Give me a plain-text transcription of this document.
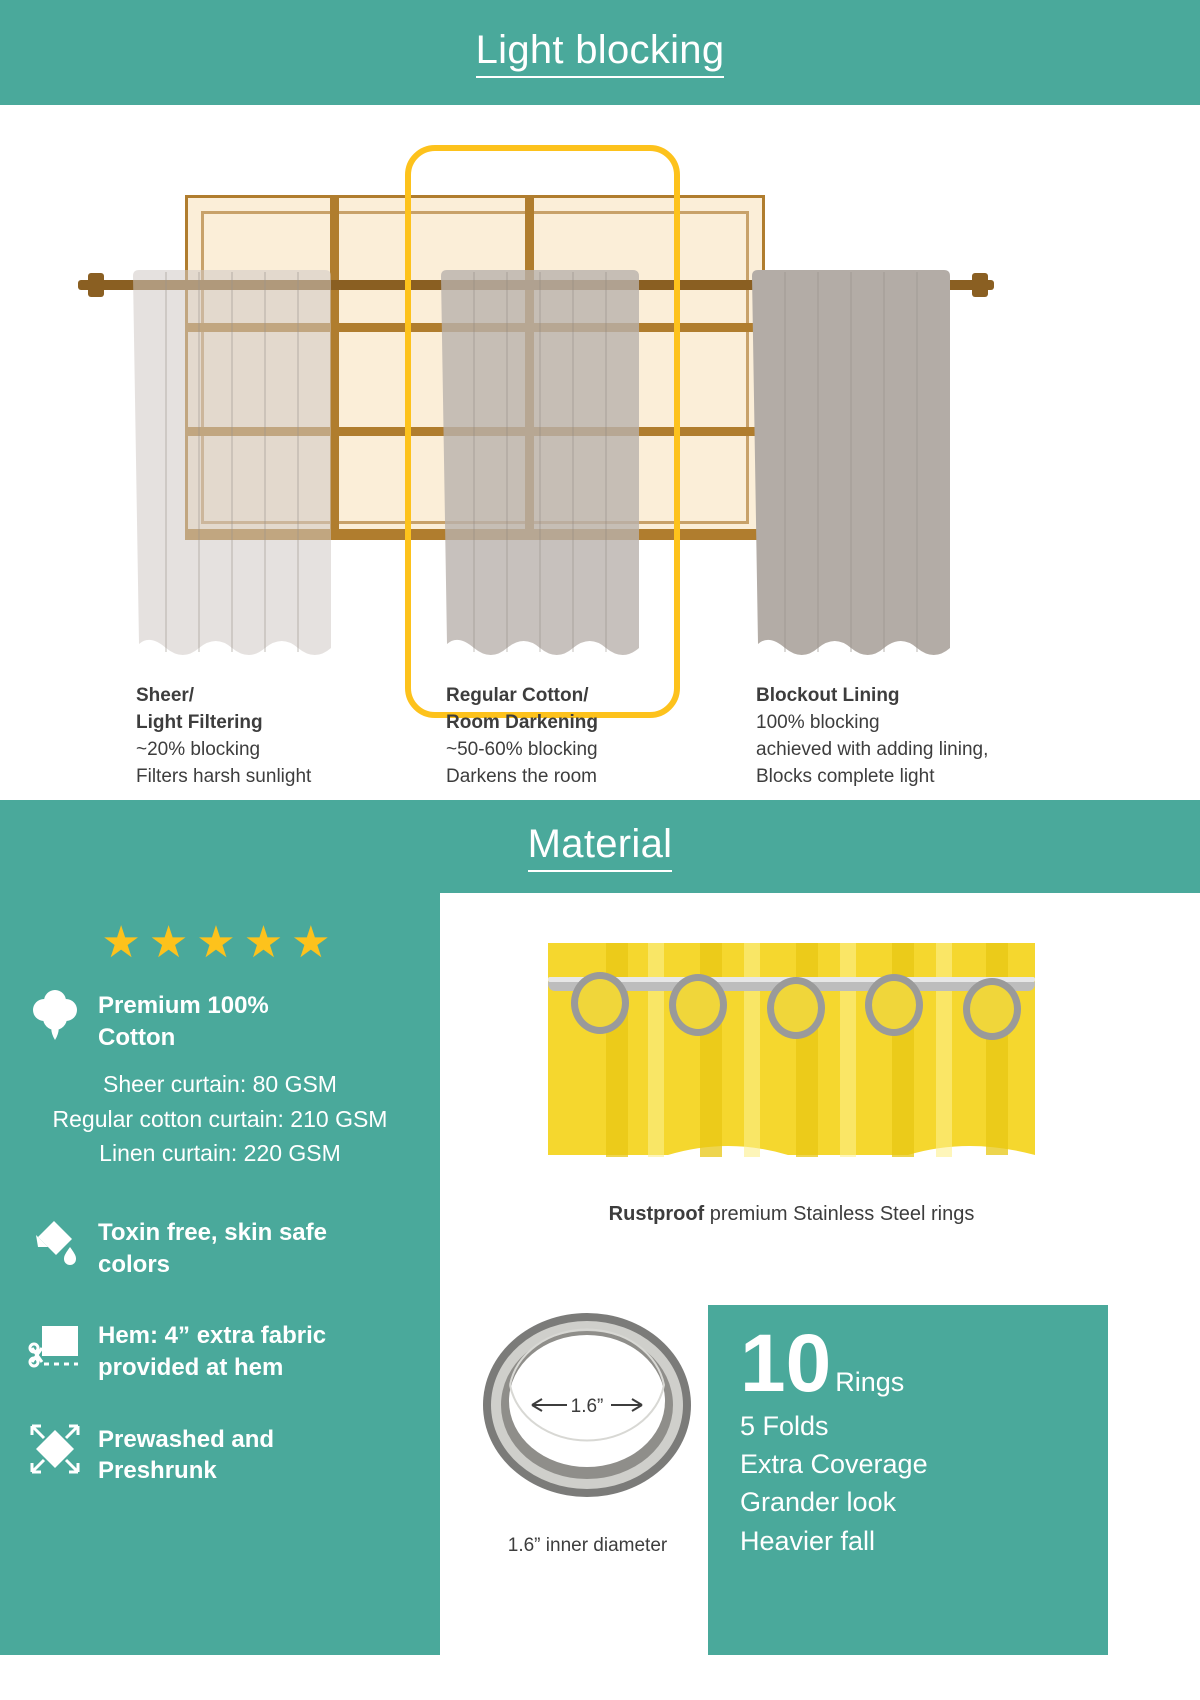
Light blocking
Sheer/
Light Filtering
~20% blocking
Filters harsh sunlight
Regular Cotton/
Room Darkening
~50-60% blocking
Darkens the room
Blockout Lining
100% blocking
achieved with adding lining,
Blocks complete light
Material
★★★★★
Premium 100%
Cotton
Sheer curtain: 80 GSM
Regular cotton curtain: 210 GSM
Linen curtain: 220 GSM
Toxin free, skin safe
colors
Hem: 4” extra fabric
provided at hem
Prewashed and
Preshrunk
Rustproof premium Stainless Steel rings
1.6”
1.6” inner diameter
10 Rings
5 Folds
Extra Coverage
Grander look
Heavier fall
